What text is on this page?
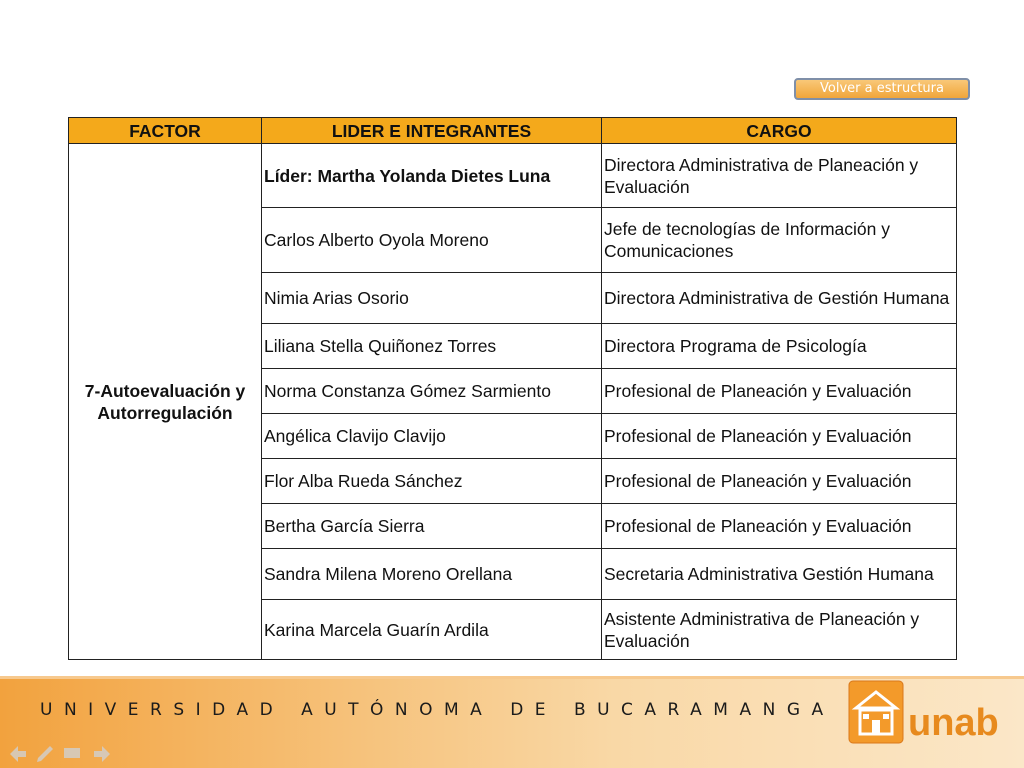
Volver a estructura
FACTOR	LIDER E INTEGRANTES	CARGO
7-Autoevaluación y Autorregulación	Líder: Martha Yolanda Dietes Luna	Directora Administrativa de Planeación y Evaluación
	Carlos Alberto Oyola Moreno	Jefe de tecnologías de Información y Comunicaciones
	Nimia Arias Osorio	Directora Administrativa de Gestión Humana
	Liliana Stella Quiñonez Torres	Directora Programa de Psicología
	Norma Constanza Gómez Sarmiento	Profesional de Planeación y Evaluación
	Angélica Clavijo Clavijo	Profesional de Planeación y Evaluación
	Flor Alba Rueda Sánchez	Profesional de Planeación y Evaluación
	Bertha García Sierra	Profesional de Planeación y Evaluación
	Sandra Milena Moreno Orellana	Secretaria Administrativa Gestión Humana
	Karina Marcela Guarín Ardila	Asistente Administrativa de Planeación y Evaluación
UNIVERSIDAD AUTÓNOMA DE BUCARAMANGA unab
